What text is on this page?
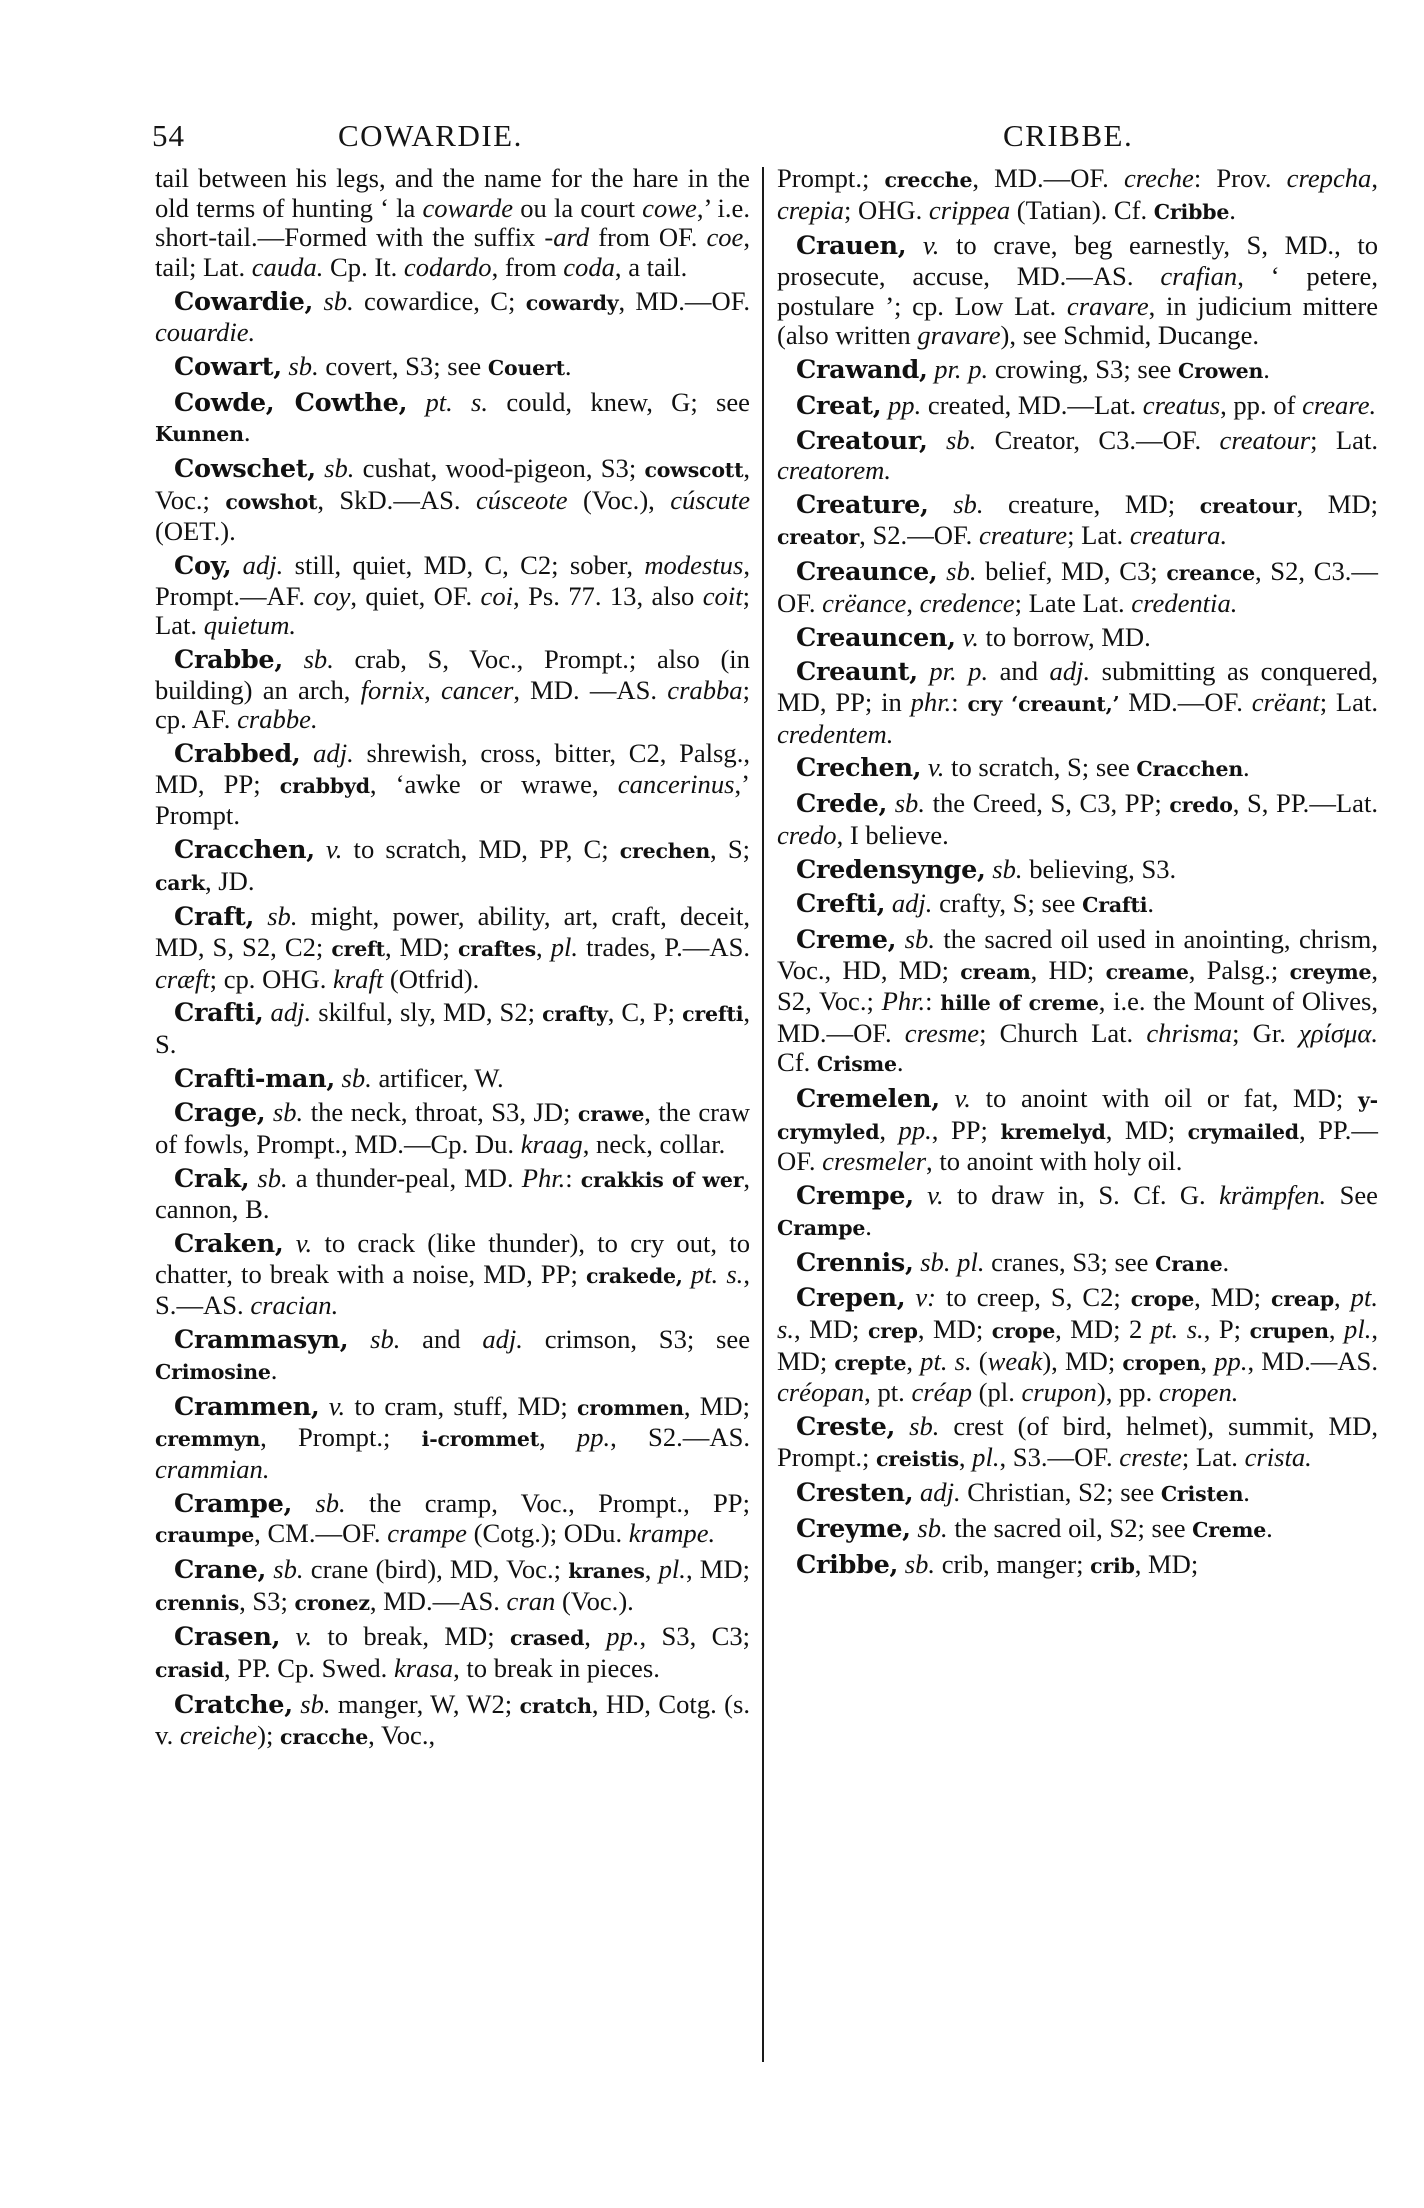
54	COWARDIE.	CRIBBE.

tail between his legs, and the name for the hare in the old terms of hunting ‘ la cowarde ou la court cowe,’ i.e. short-tail.—Formed with the suffix -ard from OF. coe, tail; Lat. cauda. Cp. It. codardo, from coda, a tail.

Cowardie, sb. cowardice, C; cowardy, MD.—OF. couardie.

Cowart, sb. covert, S3; see Couert.

Cowde, Cowthe, pt. s. could, knew, G; see Kunnen.

Cowschet, sb. cushat, wood-pigeon, S3; cowscott, Voc.; cowshot, SkD.—AS. cúsceote (Voc.), cúscute (OET.).

Coy, adj. still, quiet, MD, C, C2; sober, modestus, Prompt.—AF. coy, quiet, OF. coi, Ps. 77. 13, also coit; Lat. quietum.

Crabbe, sb. crab, S, Voc., Prompt.; also (in building) an arch, fornix, cancer, MD. —AS. crabba; cp. AF. crabbe.

Crabbed, adj. shrewish, cross, bitter, C2, Palsg., MD, PP; crabbyd, ‘awke or wrawe, cancerinus,’ Prompt.

Cracchen, v. to scratch, MD, PP, C; crechen, S; cark, JD.

Craft, sb. might, power, ability, art, craft, deceit, MD, S, S2, C2; creft, MD; craftes, pl. trades, P.—AS. cræft; cp. OHG. kraft (Otfrid).

Crafti, adj. skilful, sly, MD, S2; crafty, C, P; crefti, S.

Crafti-man, sb. artificer, W.

Crage, sb. the neck, throat, S3, JD; crawe, the craw of fowls, Prompt., MD.—Cp. Du. kraag, neck, collar.

Crak, sb. a thunder-peal, MD. Phr.: crakkis of wer, cannon, B.

Craken, v. to crack (like thunder), to cry out, to chatter, to break with a noise, MD, PP; crakede, pt. s., S.—AS. cracian.

Crammasyn, sb. and adj. crimson, S3; see Crimosine.

Crammen, v. to cram, stuff, MD; crommen, MD; cremmyn, Prompt.; i-crommet, pp., S2.—AS. crammian.

Crampe, sb. the cramp, Voc., Prompt., PP; craumpe, CM.—OF. crampe (Cotg.); ODu. krampe.

Crane, sb. crane (bird), MD, Voc.; kranes, pl., MD; crennis, S3; cronez, MD.—AS. cran (Voc.).

Crasen, v. to break, MD; crased, pp., S3, C3; crasid, PP. Cp. Swed. krasa, to break in pieces.

Cratche, sb. manger, W, W2; cratch, HD, Cotg. (s. v. creiche); cracche, Voc.,

Prompt.; crecche, MD.—OF. creche: Prov. crepcha, crepia; OHG. crippea (Tatian). Cf. Cribbe.

Crauen, v. to crave, beg earnestly, S, MD., to prosecute, accuse, MD.—AS. crafian, ‘ petere, postulare ’; cp. Low Lat. cravare, in judicium mittere (also written gravare), see Schmid, Ducange.

Crawand, pr. p. crowing, S3; see Crowen.

Creat, pp. created, MD.—Lat. creatus, pp. of creare.

Creatour, sb. Creator, C3.—OF. creatour; Lat. creatorem.

Creature, sb. creature, MD; creatour, MD; creator, S2.—OF. creature; Lat. creatura.

Creaunce, sb. belief, MD, C3; creance, S2, C3.—OF. crëance, credence; Late Lat. credentia.

Creauncen, v. to borrow, MD.

Creaunt, pr. p. and adj. submitting as conquered, MD, PP; in phr.: cry ‘creaunt,’ MD.—OF. crëant; Lat. credentem.

Crechen, v. to scratch, S; see Cracchen.

Crede, sb. the Creed, S, C3, PP; credo, S, PP.—Lat. credo, I believe.

Credensynge, sb. believing, S3.

Crefti, adj. crafty, S; see Crafti.

Creme, sb. the sacred oil used in anointing, chrism, Voc., HD, MD; cream, HD; creame, Palsg.; creyme, S2, Voc.; Phr.: hille of creme, i.e. the Mount of Olives, MD.—OF. cresme; Church Lat. chrisma; Gr. χρίσμα. Cf. Crisme.

Cremelen, v. to anoint with oil or fat, MD; y-crymyled, pp., PP; kremelyd, MD; crymailed, PP.—OF. cresmeler, to anoint with holy oil.

Crempe, v. to draw in, S. Cf. G. krämpfen. See Crampe.

Crennis, sb. pl. cranes, S3; see Crane.

Crepen, v: to creep, S, C2; crope, MD; creap, pt. s., MD; crep, MD; crope, MD; 2 pt. s., P; crupen, pl., MD; crepte, pt. s. (weak), MD; cropen, pp., MD.—AS. créopan, pt. créap (pl. crupon), pp. cropen.

Creste, sb. crest (of bird, helmet), summit, MD, Prompt.; creistis, pl., S3.—OF. creste; Lat. crista.

Cresten, adj. Christian, S2; see Cristen.

Creyme, sb. the sacred oil, S2; see Creme.

Cribbe, sb. crib, manger; crib, MD;
